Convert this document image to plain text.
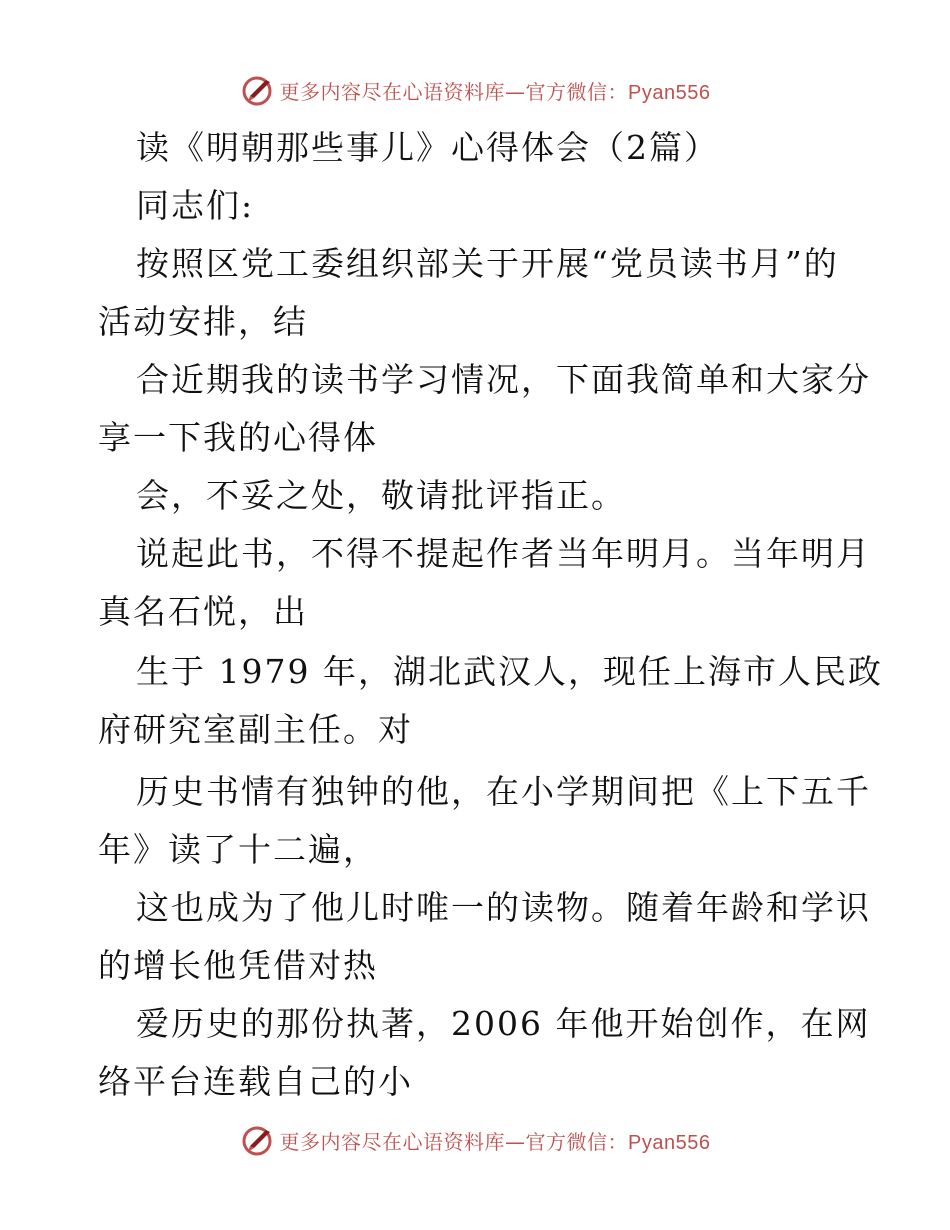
更多内容尽在心语资料库—官方微信：Pyan556
读《明朝那些事儿》心得体会（2篇）
同志们:
按照区党工委组织部关于开展“党员读书月”的
活动安排，结
合近期我的读书学习情况，下面我简单和大家分
享一下我的心得体
会，不妥之处，敬请批评指正。
说起此书，不得不提起作者当年明月。当年明月
真名石悦，出
生于 1979 年，湖北武汉人，现任上海市人民政
府研究室副主任。对
历史书情有独钟的他，在小学期间把《上下五千
年》读了十二遍，
这也成为了他儿时唯一的读物。随着年龄和学识
的增长他凭借对热
爱历史的那份执著，2006 年他开始创作，在网
络平台连载自己的小
更多内容尽在心语资料库—官方微信：Pyan556
